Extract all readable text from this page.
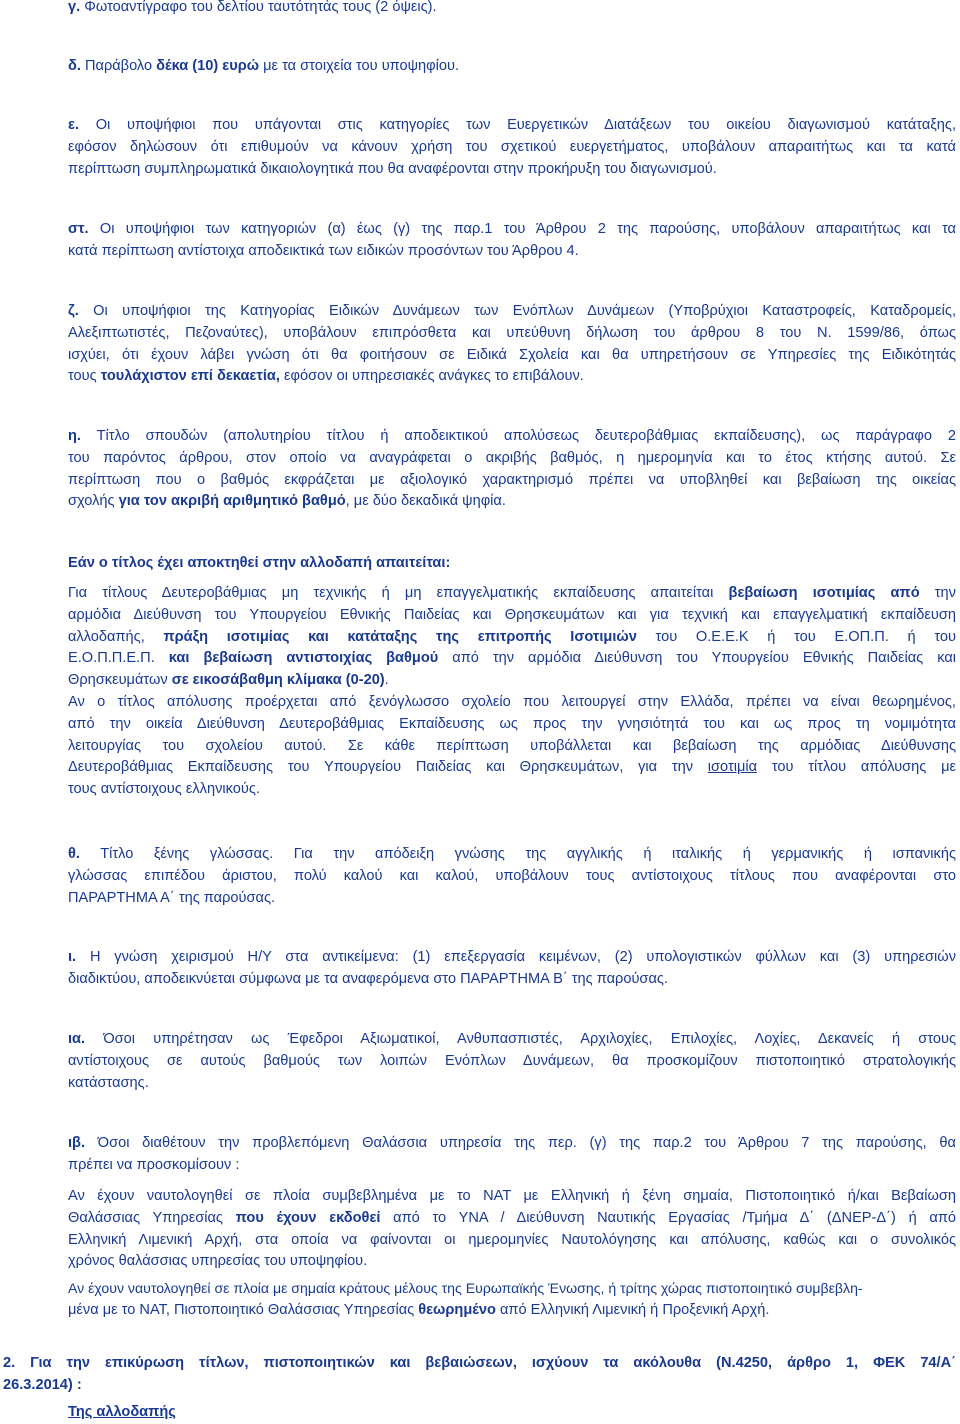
γ. Φωτοαντίγραφο του δελτίου ταυτότητάς τους (2 όψεις).
δ. Παράβολο δέκα (10) ευρώ με τα στοιχεία του υποψηφίου.
ε. Οι υποψήφιοι που υπάγονται στις κατηγορίες των Ευεργετικών Διατάξεων του οικείου διαγωνισμού κατάταξης,
εφόσον δηλώσουν ότι επιθυμούν να κάνουν χρήση του σχετικού ευεργετήματος, υποβάλουν απαραιτήτως και τα κατά
περίπτωση συμπληρωματικά δικαιολογητικά που θα αναφέρονται στην προκήρυξη του διαγωνισμού.
στ. Οι υποψήφιοι των κατηγοριών (α) έως (γ) της παρ.1 του Άρθρου 2 της παρούσης, υποβάλουν απαραιτήτως και τα
κατά περίπτωση αντίστοιχα αποδεικτικά των ειδικών προσόντων του Άρθρου 4.
ζ. Οι υποψήφιοι της Κατηγορίας Ειδικών Δυνάμεων των Ενόπλων Δυνάμεων (Υποβρύχιοι Καταστροφείς, Καταδρομείς,
Αλεξιπτωτιστές, Πεζοναύτες), υποβάλουν επιπρόσθετα και υπεύθυνη δήλωση του άρθρου 8 του Ν. 1599/86, όπως
ισχύει, ότι έχουν λάβει γνώση ότι θα φοιτήσουν σε Ειδικά Σχολεία και θα υπηρετήσουν σε Υπηρεσίες της Ειδικότητάς
τους τουλάχιστον επί δεκαετία, εφόσον οι υπηρεσιακές ανάγκες το επιβάλουν.
η. Τίτλο σπουδών (απολυτηρίου τίτλου ή αποδεικτικού απολύσεως δευτεροβάθμιας εκπαίδευσης), ως παράγραφο 2
του παρόντος άρθρου, στον οποίο να αναγράφεται ο ακριβής βαθμός, η ημερομηνία και το έτος κτήσης αυτού. Σε
περίπτωση που ο βαθμός εκφράζεται με αξιολογικό χαρακτηρισμό πρέπει να υποβληθεί και βεβαίωση της οικείας
σχολής για τον ακριβή αριθμητικό βαθμό, με δύο δεκαδικά ψηφία.
Εάν ο τίτλος έχει αποκτηθεί στην αλλοδαπή απαιτείται:
Για τίτλους Δευτεροβάθμιας μη τεχνικής ή μη επαγγελματικής εκπαίδευσης απαιτείται βεβαίωση ισοτιμίας από την
αρμόδια Διεύθυνση του Υπουργείου Εθνικής Παιδείας και Θρησκευμάτων και για τεχνική και επαγγελματική εκπαίδευση
αλλοδαπής, πράξη ισοτιμίας και κατάταξης της επιτροπής Ισοτιμιών του Ο.Ε.Ε.Κ ή του Ε.ΟΠ.Π. ή του
Ε.Ο.Π.Π.Ε.Π. και βεβαίωση αντιστοιχίας βαθμού από την αρμόδια Διεύθυνση του Υπουργείου Εθνικής Παιδείας και
Θρησκευμάτων σε εικοσάβαθμη κλίμακα (0-20).
Αν ο τίτλος απόλυσης προέρχεται από ξενόγλωσσο σχολείο που λειτουργεί στην Ελλάδα, πρέπει να είναι θεωρημένος,
από την οικεία Διεύθυνση Δευτεροβάθμιας Εκπαίδευσης ως προς την γνησιότητά του και ως προς τη νομιμότητα
λειτουργίας του σχολείου αυτού. Σε κάθε περίπτωση υποβάλλεται και βεβαίωση της αρμόδιας Διεύθυνσης
Δευτεροβάθμιας Εκπαίδευσης του Υπουργείου Παιδείας και Θρησκευμάτων, για την ισοτιμία του τίτλου απόλυσης με
τους αντίστοιχους ελληνικούς.
θ. Τίτλο ξένης γλώσσας. Για την απόδειξη γνώσης της αγγλικής ή ιταλικής ή γερμανικής ή ισπανικής
γλώσσας επιπέδου άριστου, πολύ καλού και καλού, υποβάλουν τους αντίστοιχους τίτλους που αναφέρονται στο
ΠΑΡΑΡΤΗΜΑ Α΄ της παρούσας.
ι. Η γνώση χειρισμού Η/Υ στα αντικείμενα: (1) επεξεργασία κειμένων, (2) υπολογιστικών φύλλων και (3) υπηρεσιών
διαδικτύου, αποδεικνύεται σύμφωνα με τα αναφερόμενα στο ΠΑΡΑΡΤΗΜΑ Β΄ της παρούσας.
ια. Όσοι υπηρέτησαν ως Έφεδροι Αξιωματικοί, Ανθυπασπιστές, Αρχιλοχίες, Επιλοχίες, Λοχίες, Δεκανείς ή στους
αντίστοιχους σε αυτούς βαθμούς των λοιπών Ενόπλων Δυνάμεων, θα προσκομίζουν πιστοποιητικό στρατολογικής
κατάστασης.
ιβ. Όσοι διαθέτουν την προβλεπόμενη Θαλάσσια υπηρεσία της περ. (γ) της παρ.2 του Άρθρου 7 της παρούσης, θα
πρέπει να προσκομίσουν :
Αν έχουν ναυτολογηθεί σε πλοία συμβεβλημένα με το ΝΑΤ με Ελληνική ή ξένη σημαία, Πιστοποιητικό ή/και Βεβαίωση
Θαλάσσιας Υπηρεσίας που έχουν εκδοθεί από το ΥΝΑ / Διεύθυνση Ναυτικής Εργασίας /Τμήμα Δ΄ (ΔΝΕΡ-Δ΄) ή από
Ελληνική Λιμενική Αρχή, στα οποία να φαίνονται οι ημερομηνίες Ναυτολόγησης και απόλυσης, καθώς και ο συνολικός
χρόνος θαλάσσιας υπηρεσίας του υποψηφίου.
Αν έχουν ναυτολογηθεί σε πλοία με σημαία κράτους μέλους της Ευρωπαϊκής Ένωσης, ή τρίτης χώρας πιστοποιητικό συμβεβλη-
μένα με το ΝΑΤ, Πιστοποιητικό Θαλάσσιας Υπηρεσίας θεωρημένο από Ελληνική Λιμενική ή Προξενική Αρχή.
2. Για την επικύρωση τίτλων, πιστοποιητικών και βεβαιώσεων, ισχύουν τα ακόλουθα (Ν.4250, άρθρο 1, ΦΕΚ 74/Α΄
26.3.2014) :
Της αλλοδαπής
